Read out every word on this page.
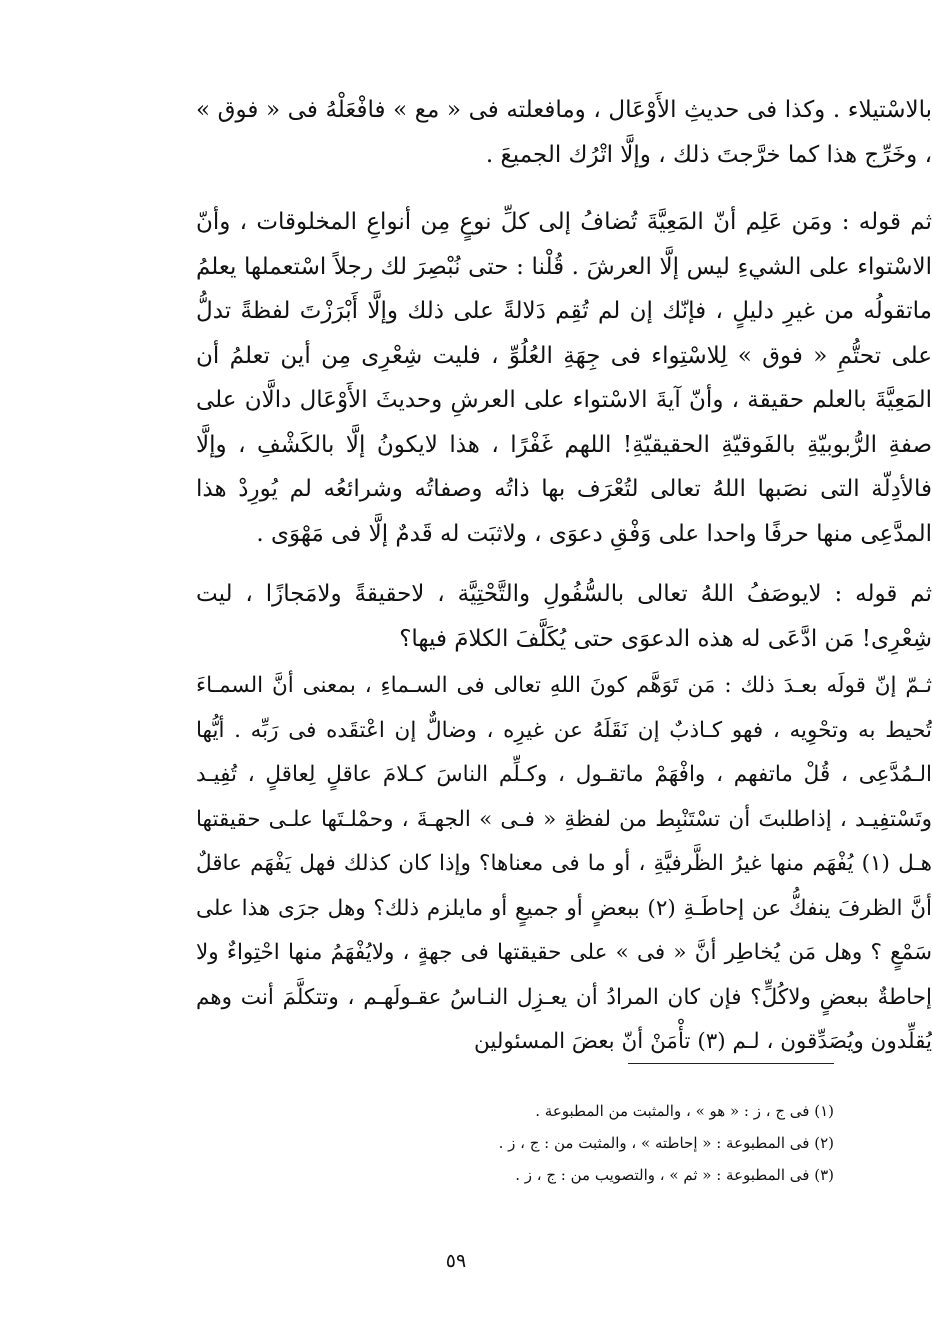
بالاسْتيلاء . وكذا فى حديثِ الأَوْعَال ، ومافعلته فى « مع » فافْعَلْهُ فى « فوق » ، وخَرِّج هذا كما خرَّجتَ ذلك ، وإلَّا اتْرُك الجميعَ .

ثم قوله : ومَن عَلِم أنّ المَعِيَّةَ تُضافُ إلى كلِّ نوعٍ مِن أنواعِ المخلوقات ، وأنّ الاسْتواء على الشيءِ ليس إلَّا العرشَ . قُلْنا : حتى نُبْصِرَ لك رجلاً اسْتعملها يعلمُ ماتقولُه من غيرِ دليلٍ ، فإنّك إن لم تُقِم دَلالةً على ذلك وإلَّا أَبْرَزْتَ لفظةً تدلُّ على تحتُّمِ « فوق » لِلاسْتِواء فى جِهَةِ العُلُوِّ ، فليت شِعْرِى مِن أين تعلمُ أن المَعِيَّةَ بالعلم حقيقة ، وأنّ آيةَ الاسْتواء على العرشِ وحديثَ الأَوْعَال دالَّان على صفةِ الرُّبوبيّةِ بالفَوقيّةِ الحقيقيّةِ! اللهم غَفْرًا ، هذا لايكونُ إلَّا بالكَشْفِ ، وإلَّا فالأدِلّة التى نصَبها اللهُ تعالى لتُعْرَف بها ذاتُه وصفاتُه وشرائعُه لم يُورِدْ هذا المدَّعِى منها حرفًا واحدا على وَفْقِ دعوَى ، ولاثبَت له قَدمٌ إلَّا فى مَهْوَى .

ثم قوله : لايوصَفُ اللهُ تعالى بالسُّفُولِ والتَّحْتِيَّة ، لاحقيقةً ولامَجازًا ، ليت شِعْرِى! مَن ادَّعَى له هذه الدعوَى حتى يُكَلَّفَ الكلامَ فيها؟

ثـمّ إنّ قولَه بعـدَ ذلك : مَن تَوَهَّم كونَ اللهِ تعالى فى السـماءِ ، بمعنى أنَّ السمـاءَ تُحيط به وتحْوِيه ، فهو كـاذبٌ إن نَقَلَهُ عن غيرِه ، وضالٌّ إن اعْتقَده فى رَبِّه . أيُّها الـمُدَّعِى ، قُلْ ماتفهم ، وافْهَمْ ماتقـول ، وكـلِّم الناسَ كـلامَ عاقلٍ لِعاقلٍ ، تُفِيـد وتَسْتفِيـد ، إذاطلبتَ أن تسْتَنْبِط من لفظةِ « فـى » الجهـةَ ، وحمْلـتَها علـى حقيقتها هـل (١) يُفْهَم منها غيرُ الظَّرفيَّةِ ، أو ما فى معناها؟ وإذا كان كذلك فهل يَفْهَم عاقلٌ أنَّ الظرفَ ينفكُّ عن إحاطَـةِ (٢) ببعضٍ أو جميعٍ أو مايلزم ذلك؟ وهل جرَى هذا على سَمْعٍ ؟ وهل مَن يُخاطِر أنَّ « فى » على حقيقتها فى جهةٍ ، ولايُفْهَمُ منها احْتِواءٌ ولا إحاطةٌ ببعضٍ ولاكُلٍّ؟ فإن كان المرادُ أن يعـزِل النـاسُ عقـولَهـم ، وتتكلَّمَ أنت وهم يُقلِّدون ويُصَدِّقون ، لـم (٣) تأْمَنْ أنّ بعضَ المسئولين

(١) فى ج ، ز : « هو » ، والمثبت من المطبوعة .

(٢) فى المطبوعة : « إحاطته » ، والمثبت من : ج ، ز .

(٣) فى المطبوعة : « ثم » ، والتصويب من : ج ، ز .

٥٩
